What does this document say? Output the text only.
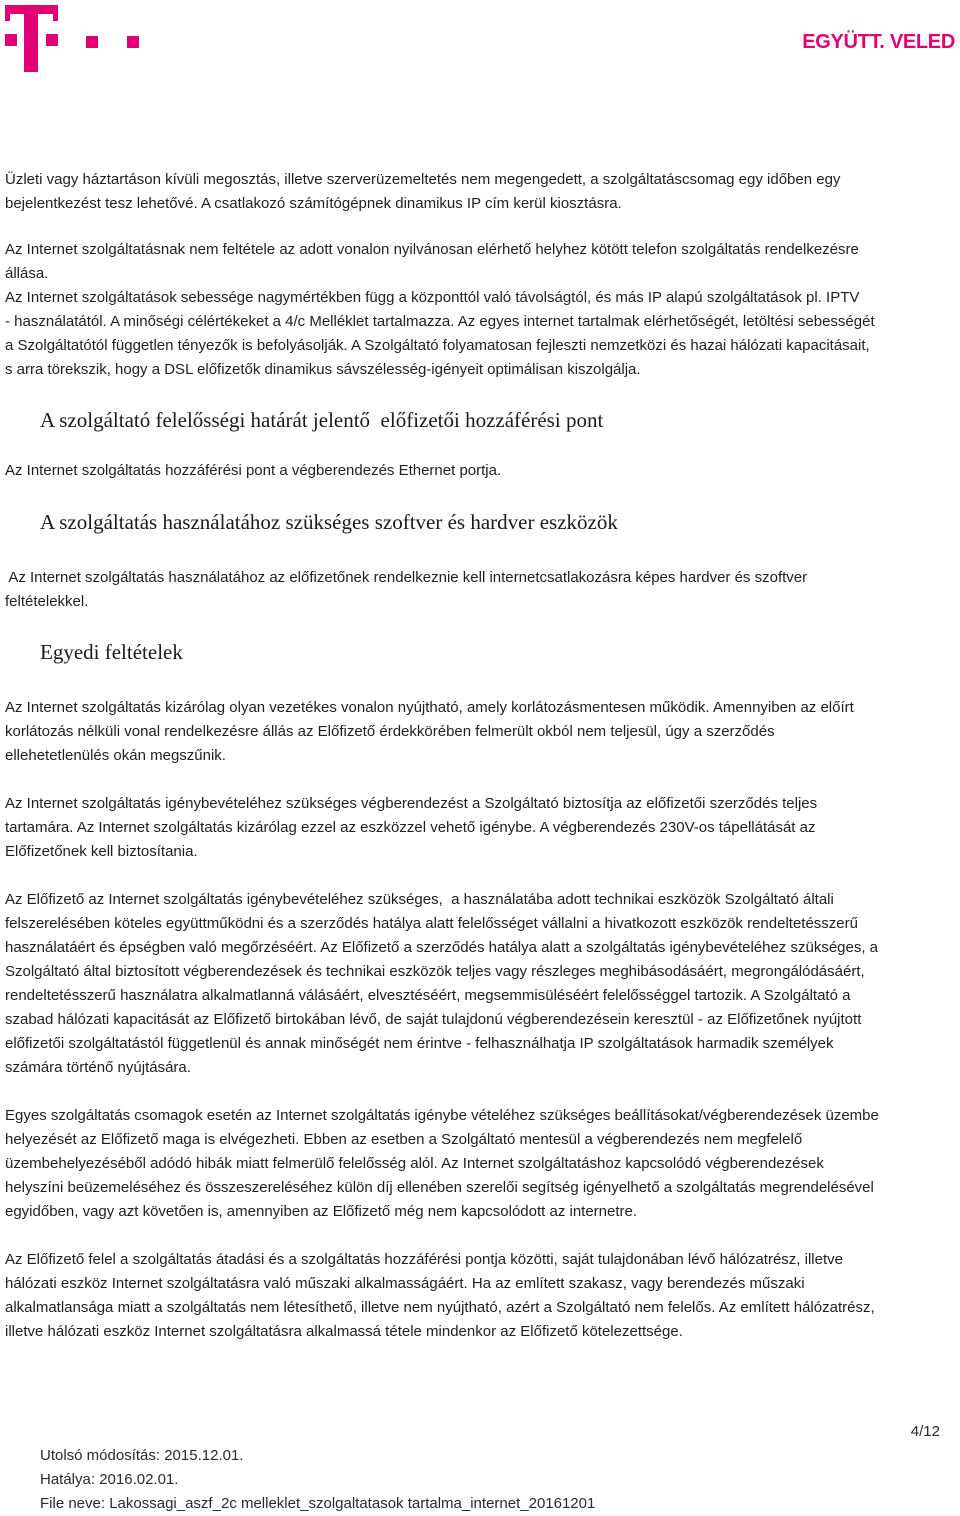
EGYÜTT. VELED
Üzleti vagy háztartáson kívüli megosztás, illetve szerverüzemeltetés nem megengedett, a szolgáltatáscsomag egy időben egy
bejelentkezést tesz lehetővé. A csatlakozó számítógépnek dinamikus IP cím kerül kiosztásra.
Az Internet szolgáltatásnak nem feltétele az adott vonalon nyilvánosan elérhető helyhez kötött telefon szolgáltatás rendelkezésre
állása.
Az Internet szolgáltatások sebessége nagymértékben függ a központtól való távolságtól, és más IP alapú szolgáltatások pl. IPTV
- használatától. A minőségi célértékeket a 4/c Melléklet tartalmazza. Az egyes internet tartalmak elérhetőségét, letöltési sebességét
a Szolgáltatótól független tényezők is befolyásolják. A Szolgáltató folyamatosan fejleszti nemzetközi és hazai hálózati kapacitásait,
s arra törekszik, hogy a DSL előfizetők dinamikus sávszélesség-igényeit optimálisan kiszolgálja.
A szolgáltató felelősségi határát jelentő  előfizetői hozzáférési pont
Az Internet szolgáltatás hozzáférési pont a végberendezés Ethernet portja.
A szolgáltatás használatához szükséges szoftver és hardver eszközök
Az Internet szolgáltatás használatához az előfizetőnek rendelkeznie kell internetcsatlakozásra képes hardver és szoftver
feltételekkel.
Egyedi feltételek
Az Internet szolgáltatás kizárólag olyan vezetékes vonalon nyújtható, amely korlátozásmentesen működik. Amennyiben az előírt
korlátozás nélküli vonal rendelkezésre állás az Előfizető érdekkörében felmerült okból nem teljesül, úgy a szerződés
ellehetetlenülés okán megszűnik.
Az Internet szolgáltatás igénybevételéhez szükséges végberendezést a Szolgáltató biztosítja az előfizetői szerződés teljes
tartamára. Az Internet szolgáltatás kizárólag ezzel az eszközzel vehető igénybe. A végberendezés 230V-os tápellátását az
Előfizetőnek kell biztosítania.
Az Előfizető az Internet szolgáltatás igénybevételéhez szükséges,  a használatába adott technikai eszközök Szolgáltató általi
felszerelésében köteles együttműködni és a szerződés hatálya alatt felelősséget vállalni a hivatkozott eszközök rendeltetésszerű
használatáért és épségben való megőrzéséért. Az Előfizető a szerződés hatálya alatt a szolgáltatás igénybevételéhez szükséges, a
Szolgáltató által biztosított végberendezések és technikai eszközök teljes vagy részleges meghibásodásáért, megrongálódásáért,
rendeltetésszerű használatra alkalmatlanná válásáért, elvesztéséért, megsemmisüléséért felelősséggel tartozik. A Szolgáltató a
szabad hálózati kapacitását az Előfizető birtokában lévő, de saját tulajdonú végberendezésein keresztül - az Előfizetőnek nyújtott
előfizetői szolgáltatástól függetlenül és annak minőségét nem érintve - felhasználhatja IP szolgáltatások harmadik személyek
számára történő nyújtására.
Egyes szolgáltatás csomagok esetén az Internet szolgáltatás igénybe vételéhez szükséges beállításokat/végberendezések üzembe
helyezését az Előfizető maga is elvégezheti. Ebben az esetben a Szolgáltató mentesül a végberendezés nem megfelelő
üzembehelyezéséből adódó hibák miatt felmerülő felelősség alól. Az Internet szolgáltatáshoz kapcsolódó végberendezések
helyszíni beüzemeléséhez és összeszereléséhez külön díj ellenében szerelői segítség igényelhető a szolgáltatás megrendelésével
egyidőben, vagy azt követően is, amennyiben az Előfizető még nem kapcsolódott az internetre.
Az Előfizető felel a szolgáltatás átadási és a szolgáltatás hozzáférési pontja közötti, saját tulajdonában lévő hálózatrész, illetve
hálózati eszköz Internet szolgáltatásra való műszaki alkalmasságáért. Ha az említett szakasz, vagy berendezés műszaki
alkalmatlansága miatt a szolgáltatás nem létesíthető, illetve nem nyújtható, azért a Szolgáltató nem felelős. Az említett hálózatrész,
illetve hálózati eszköz Internet szolgáltatásra alkalmassá tétele mindenkor az Előfizető kötelezettsége.
4/12
Utolsó módosítás: 2015.12.01.
Hatálya: 2016.02.01.
File neve: Lakossagi_aszf_2c melleklet_szolgaltatasok tartalma_internet_20161201
